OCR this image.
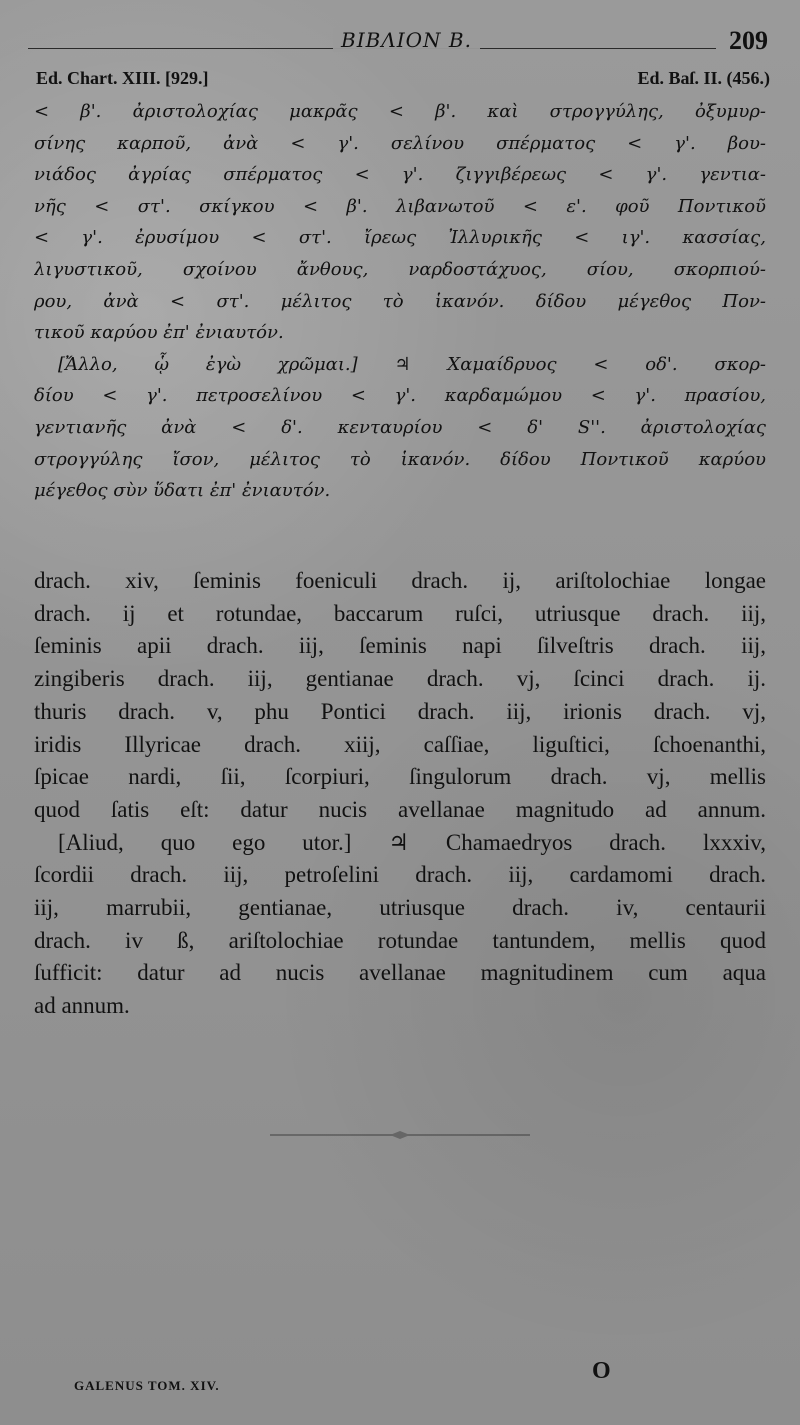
BIBΛΙΟΝ B.	209
Ed. Chart. XIII. [929.]	Ed. Baſ. II. (456.)
< β'. ἀριστολοχίας μακρᾶς < β'. καὶ στρογγύλης, ὀξυμυρ-
σίνης καρποῦ, ἀνὰ < γ'. σελίνου σπέρματος < γ'. βου-
νιάδος ἀγρίας σπέρματος < γ'. ζιγγιβέρεως < γ'. γεντια-
νῆς < στ'. σκίγκου < β'. λιβανωτοῦ < ε'. φοῦ Ποντικοῦ
< γ'. ἐρυσίμου < στ'. ἴρεως Ἰλλυρικῆς < ιγ'. κασσίας,
λιγυστικοῦ, σχοίνου ἄνθους, ναρδοστάχυος, σίου, σκορπιού-
ρου, ἀνὰ < στ'. μέλιτος τὸ ἱκανόν. δίδου μέγεθος Πον-
τικοῦ καρύου ἐπ' ἐνιαυτόν.
[Ἄλλο, ᾧ ἐγὼ χρῶμαι.] ♃ Χαμαίδρυος < οδ'. σκορ-
δίου < γ'. πετροσελίνου < γ'. καρδαμώμου < γ'. πρασίου,
γεντιανῆς ἀνὰ < δ'. κενταυρίου < δ' S''. ἀριστολοχίας
στρογγύλης ἴσον, μέλιτος τὸ ἱκανόν. δίδου Ποντικοῦ καρύου
μέγεθος σὺν ὕδατι ἐπ' ἐνιαυτόν.
drach. xiv, ſeminis foeniculi drach. ij, ariſtolochiae longae
drach. ij et rotundae, baccarum ruſci, utriusque drach. iij,
ſeminis apii drach. iij, ſeminis napi ſilveſtris drach. iij,
zingiberis drach. iij, gentianae drach. vj, ſcinci drach. ij.
thuris drach. v, phu Pontici drach. iij, irionis drach. vj,
iridis Illyricae drach. xiij, caſſiae, liguſtici, ſchoenanthi,
ſpicae nardi, ſii, ſcorpiuri, ſingulorum drach. vj, mellis
quod ſatis eſt: datur nucis avellanae magnitudo ad annum.
[Aliud, quo ego utor.] ♃ Chamaedryos drach. lxxxiv,
ſcordii drach. iij, petroſelini drach. iij, cardamomi drach.
iij, marrubii, gentianae, utriusque drach. iv, centaurii
drach. iv ß, ariſtolochiae rotundae tantundem, mellis quod
ſufficit: datur ad nucis avellanae magnitudinem cum aqua
ad annum.
GALENUS TOM. XIV.
O
